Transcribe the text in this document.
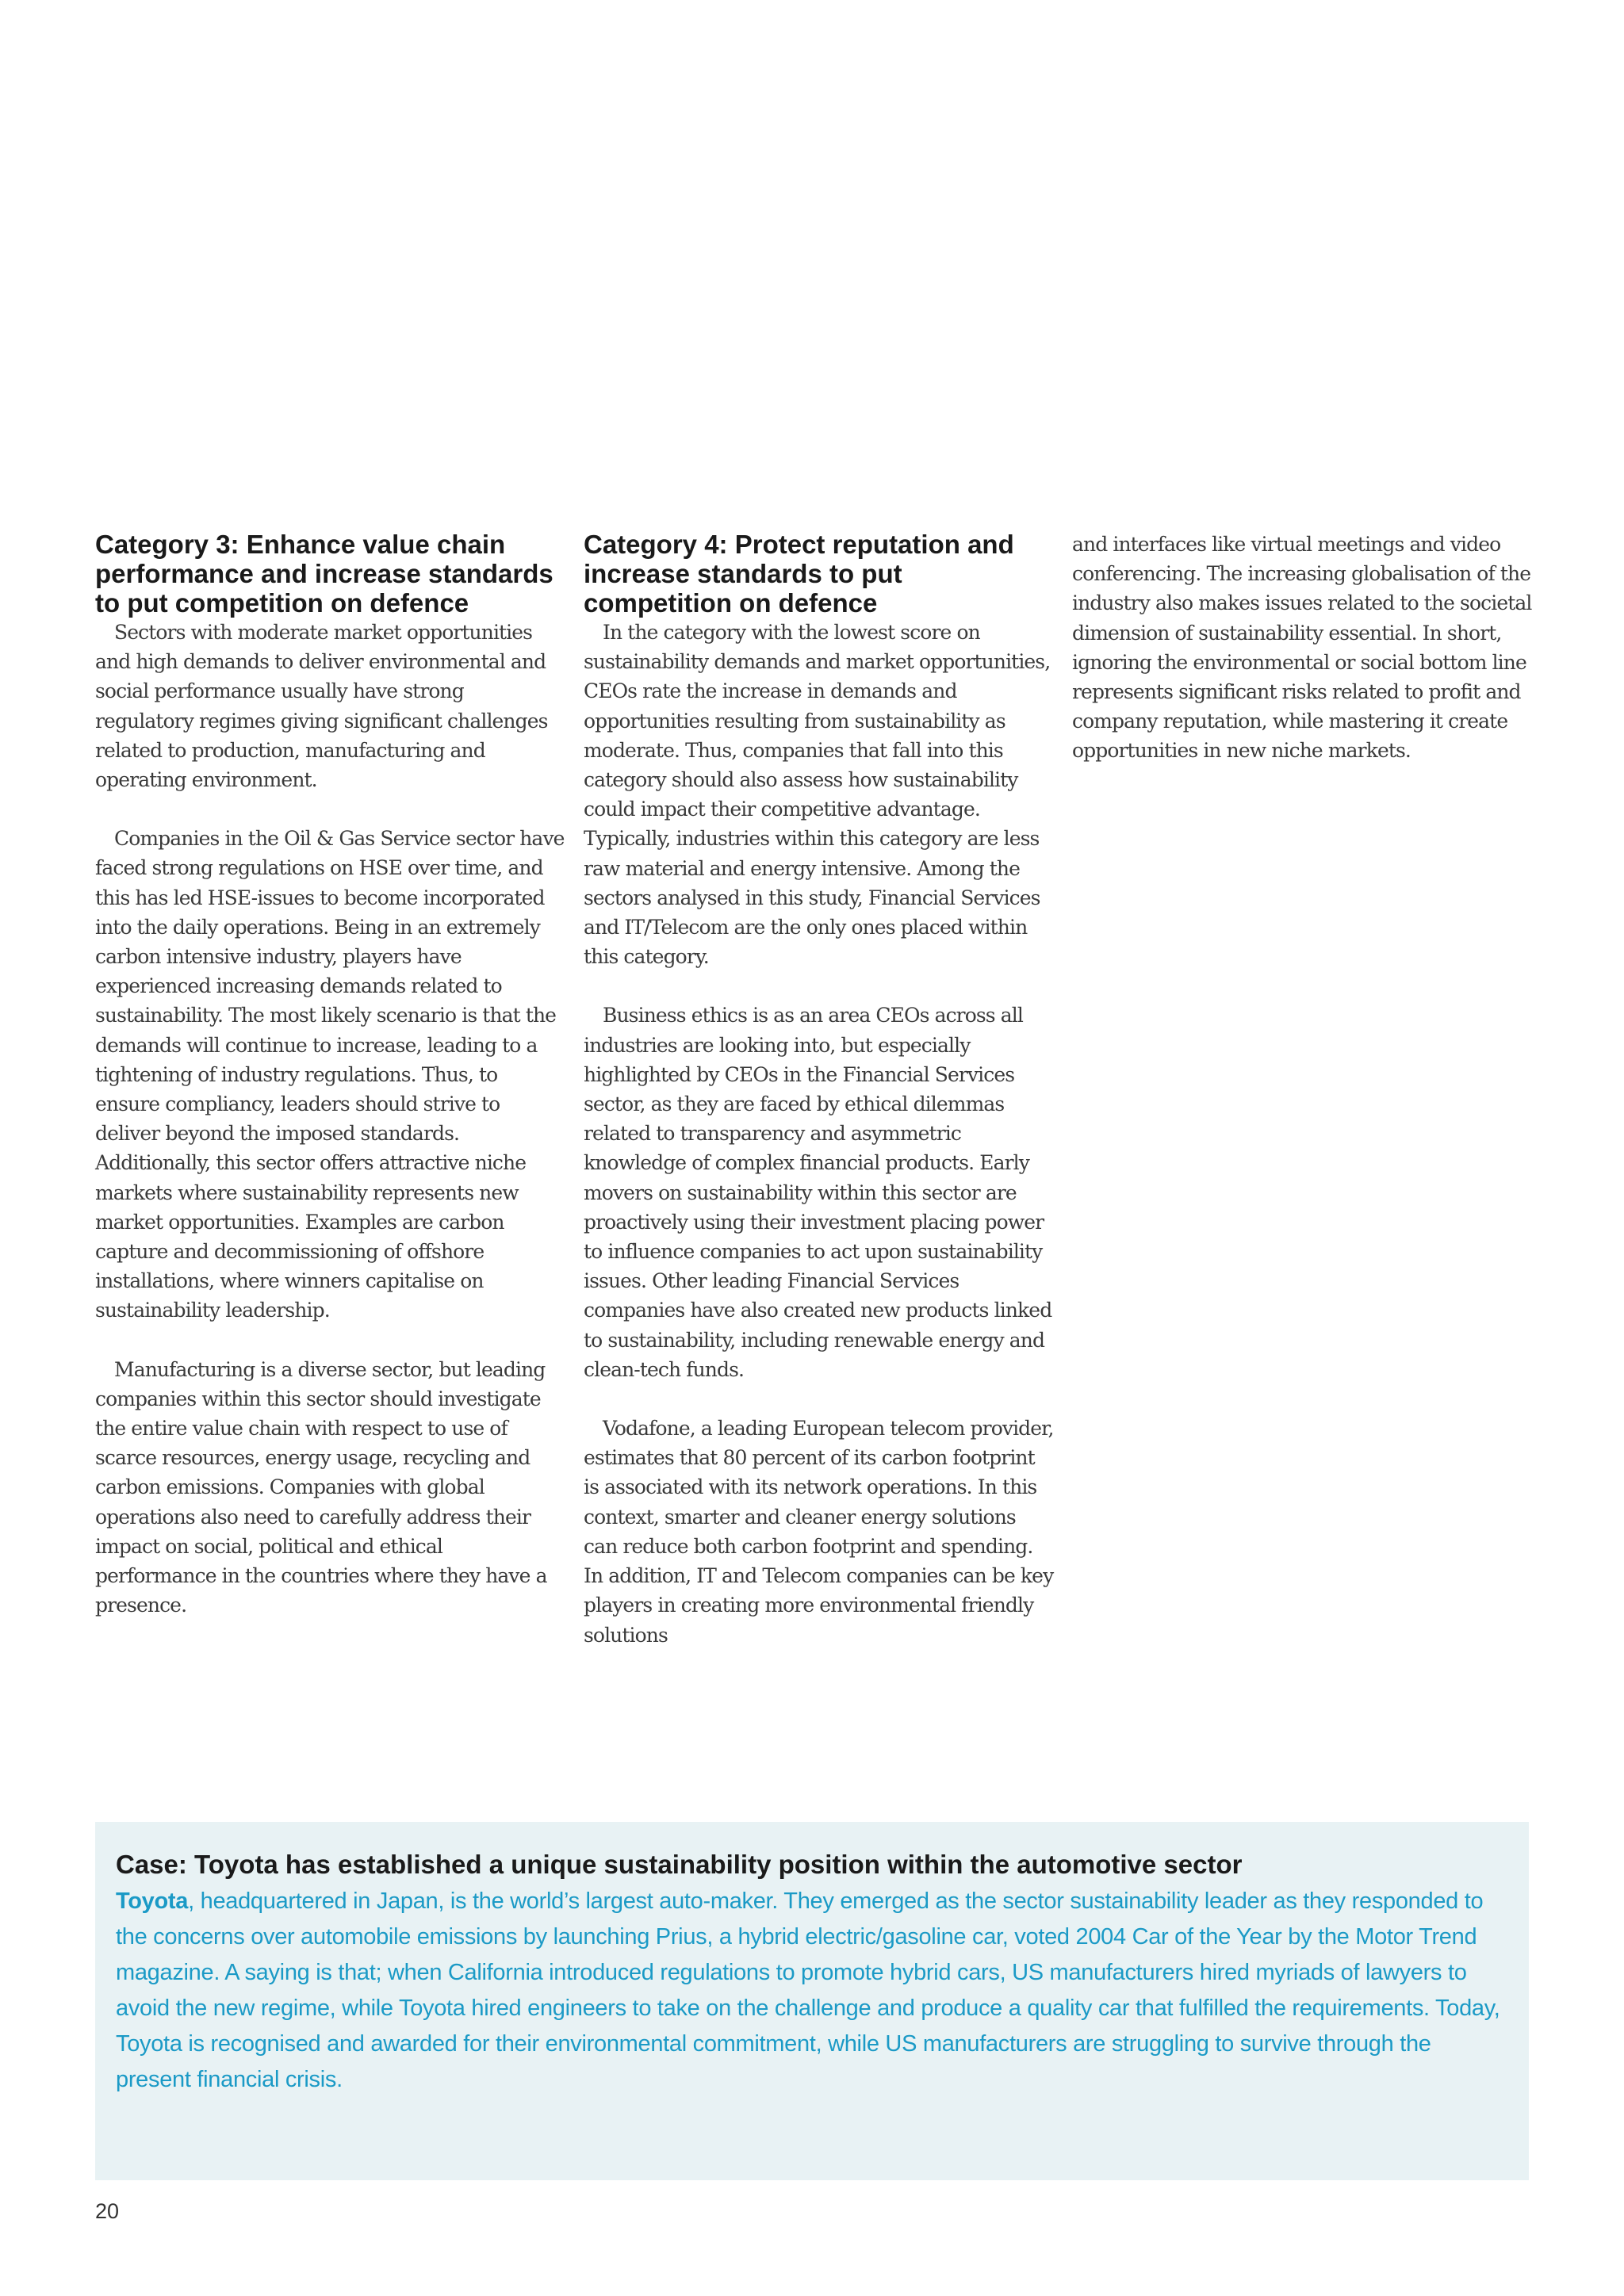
Category 3: Enhance value chain performance and increase standards to put competition on defence

Sectors with moderate market opportunities and high demands to deliver environmental and social performance usually have strong regulatory regimes giving significant challenges related to production, manufacturing and operating environment.

Companies in the Oil & Gas Service sector have faced strong regulations on HSE over time, and this has led HSE-issues to become incorporated into the daily operations. Being in an extremely carbon intensive industry, players have experienced increasing demands related to sustainability. The most likely scenario is that the demands will continue to increase, leading to a tightening of industry regulations. Thus, to ensure compliancy, leaders should strive to deliver beyond the imposed standards. Additionally, this sector offers attractive niche markets where sustainability represents new market opportunities. Examples are carbon capture and decommissioning of offshore installations, where winners capitalise on sustainability leadership.

Manufacturing is a diverse sector, but leading companies within this sector should investigate the entire value chain with respect to use of scarce resources, energy usage, recycling and carbon emissions. Companies with global operations also need to carefully address their impact on social, political and ethical performance in the countries where they have a presence.

Category 4: Protect reputation and increase standards to put competition on defence

In the category with the lowest score on sustainability demands and market opportunities, CEOs rate the increase in demands and opportunities resulting from sustainability as moderate. Thus, companies that fall into this category should also assess how sustainability could impact their competitive advantage. Typically, industries within this category are less raw material and energy intensive. Among the sectors analysed in this study, Financial Services and IT/Telecom are the only ones placed within this category.

Business ethics is as an area CEOs across all industries are looking into, but especially highlighted by CEOs in the Financial Services sector, as they are faced by ethical dilemmas related to transparency and asymmetric knowledge of complex financial products. Early movers on sustainability within this sector are proactively using their investment placing power to influence companies to act upon sustainability issues. Other leading Financial Services companies have also created new products linked to sustainability, including renewable energy and clean-tech funds.

Vodafone, a leading European telecom provider, estimates that 80 percent of its carbon footprint is associated with its network operations. In this context, smarter and cleaner energy solutions can reduce both carbon footprint and spending. In addition, IT and Telecom companies can be key players in creating more environmental friendly solutions

and interfaces like virtual meetings and video conferencing. The increasing globalisation of the industry also makes issues related to the societal dimension of sustainability essential. In short, ignoring the environmental or social bottom line represents significant risks related to profit and company reputation, while mastering it create opportunities in new niche markets.

Case: Toyota has established a unique sustainability position within the automotive sector

Toyota, headquartered in Japan, is the world’s largest auto-maker. They emerged as the sector sustainability leader as they responded to the concerns over automobile emissions by launching Prius, a hybrid electric/gasoline car, voted 2004 Car of the Year by the Motor Trend magazine. A saying is that; when California introduced regulations to promote hybrid cars, US manufacturers hired myriads of lawyers to avoid the new regime, while Toyota hired engineers to take on the challenge and produce a quality car that fulfilled the requirements. Today, Toyota is recognised and awarded for their environmental commitment, while US manufacturers are struggling to survive through the present financial crisis.

20
